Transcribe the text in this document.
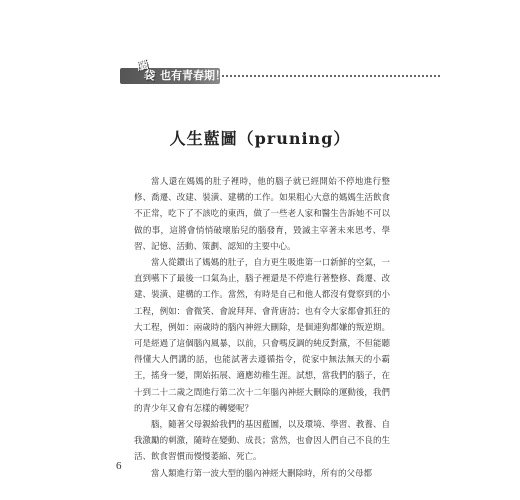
腦
袋 也有青春期！
人生藍圖（pruning）

當人還在媽媽的肚子裡時，他的腦子就已經開始不停地進行整修、喬遷、改建、裝潢、建構的工作。如果粗心大意的媽媽生活飲食不正常，吃下了不該吃的東西，做了一些老人家和醫生告訴她不可以做的事，這將會悄悄破壞胎兒的腦發育，毀滅主宰著未來思考、學習、記憶、活動、策劃、認知的主要中心。

當人從鑽出了媽媽的肚子，自力更生吸進第一口新鮮的空氣，一直到嚥下了最後一口氣為止，腦子裡還是不停進行著整修、喬遷、改建、裝潢、建構的工作。當然，有時是自己和他人都沒有覺察到的小工程，例如：會微笑、會說拜拜、會背唐詩；也有令大家都會抓狂的大工程，例如：兩歲時的腦內神經大刪除，是個連狗都嫌的叛逆期。可是經過了這個腦內風暴，以前，只會嗎反調的純反對黨，不但能聽得懂大人們講的話，也能試著去遵循指令，從家中無法無天的小霸王，搖身一變，開始拓展、適應幼稚生涯。試想，當我們的腦子，在十到二十二歲之間進行第二次十二年腦內神經大刪除的運動後，我們的青少年又會有怎樣的轉變呢？

腦，隨著父母親給我們的基因藍圖，以及環境、學習、教養、自我激勵的刺激，隨時在變動、成長；當然，也會因人們自己不良的生活、飲食習慣而慢慢萎縮、死亡。

當人類進行第一波大型的腦內神經大刪除時，所有的父母都

6
